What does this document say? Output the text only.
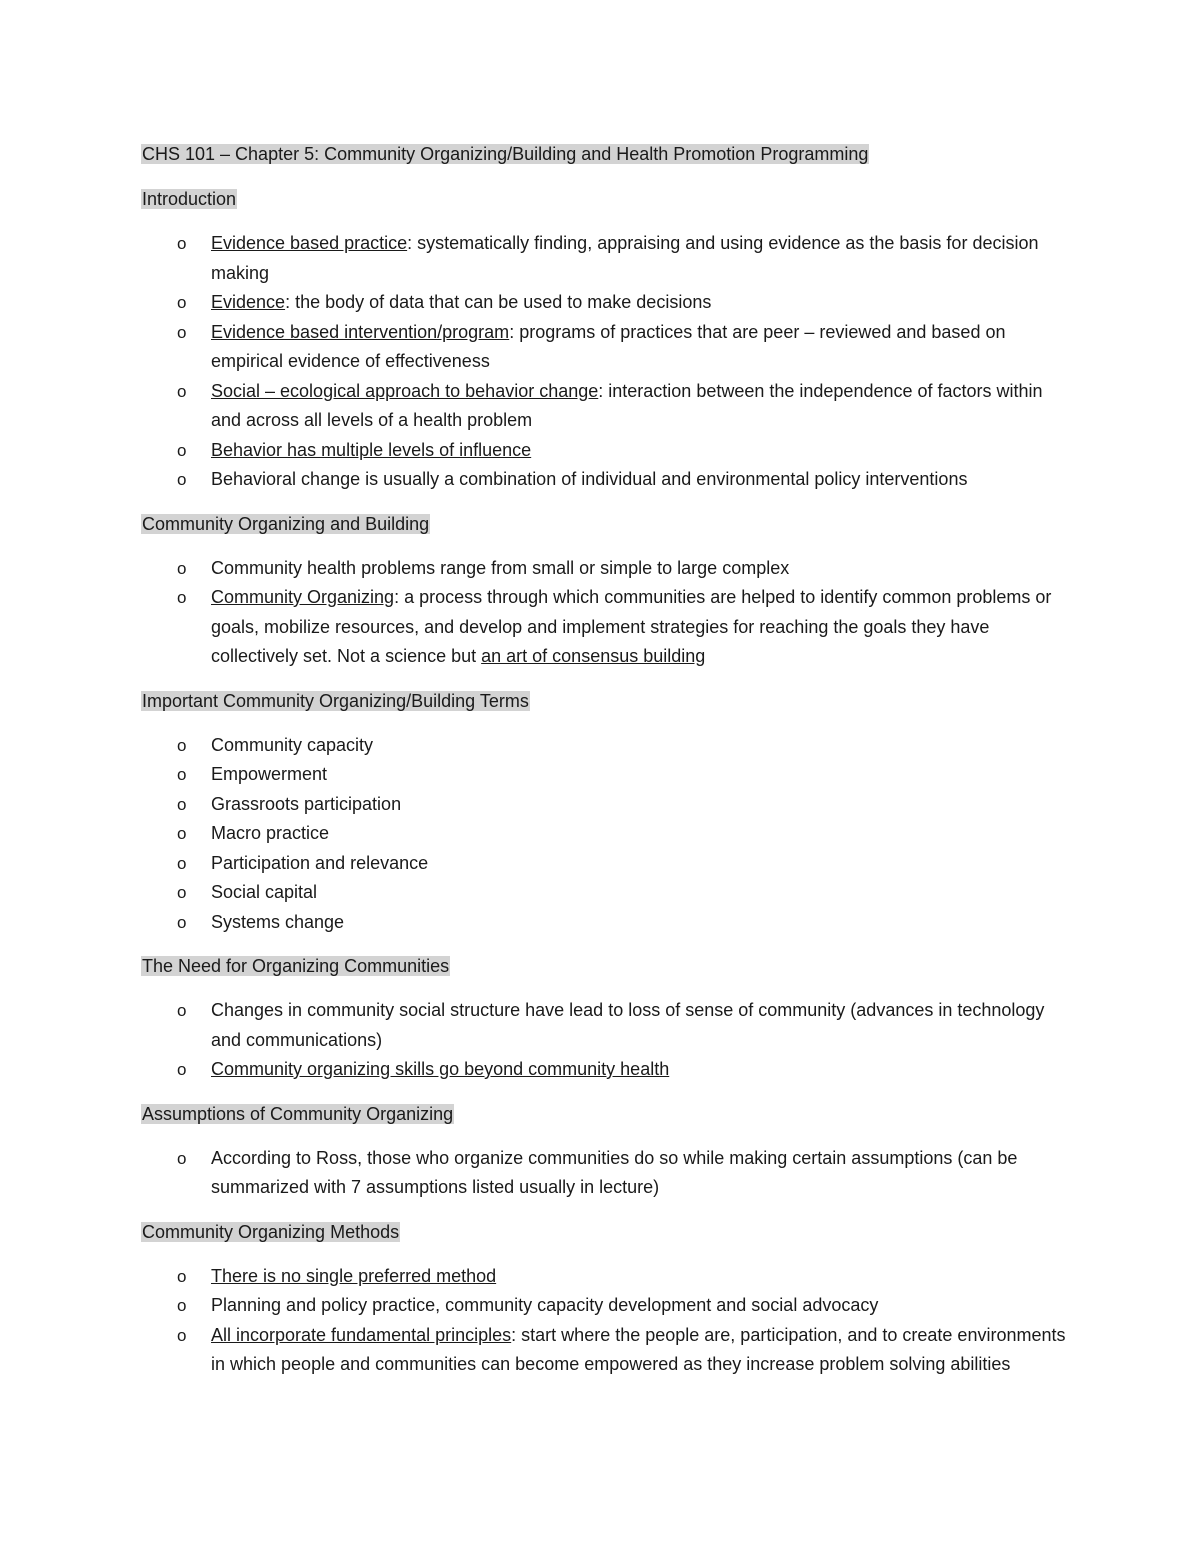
CHS 101 – Chapter 5: Community Organizing/Building and Health Promotion Programming
Introduction
o Evidence based practice: systematically finding, appraising and using evidence as the basis for decision making
o Evidence: the body of data that can be used to make decisions
o Evidence based intervention/program: programs of practices that are peer – reviewed and based on empirical evidence of effectiveness
o Social – ecological approach to behavior change: interaction between the independence of factors within and across all levels of a health problem
o Behavior has multiple levels of influence
o Behavioral change is usually a combination of individual and environmental policy interventions
Community Organizing and Building
o Community health problems range from small or simple to large complex
o Community Organizing: a process through which communities are helped to identify common problems or goals, mobilize resources, and develop and implement strategies for reaching the goals they have collectively set. Not a science but an art of consensus building
Important Community Organizing/Building Terms
o Community capacity
o Empowerment
o Grassroots participation
o Macro practice
o Participation and relevance
o Social capital
o Systems change
The Need for Organizing Communities
o Changes in community social structure have lead to loss of sense of community (advances in technology and communications)
o Community organizing skills go beyond community health
Assumptions of Community Organizing
o According to Ross, those who organize communities do so while making certain assumptions (can be summarized with 7 assumptions listed usually in lecture)
Community Organizing Methods
o There is no single preferred method
o Planning and policy practice, community capacity development and social advocacy
o All incorporate fundamental principles: start where the people are, participation, and to create environments in which people and communities can become empowered as they increase problem solving abilities
